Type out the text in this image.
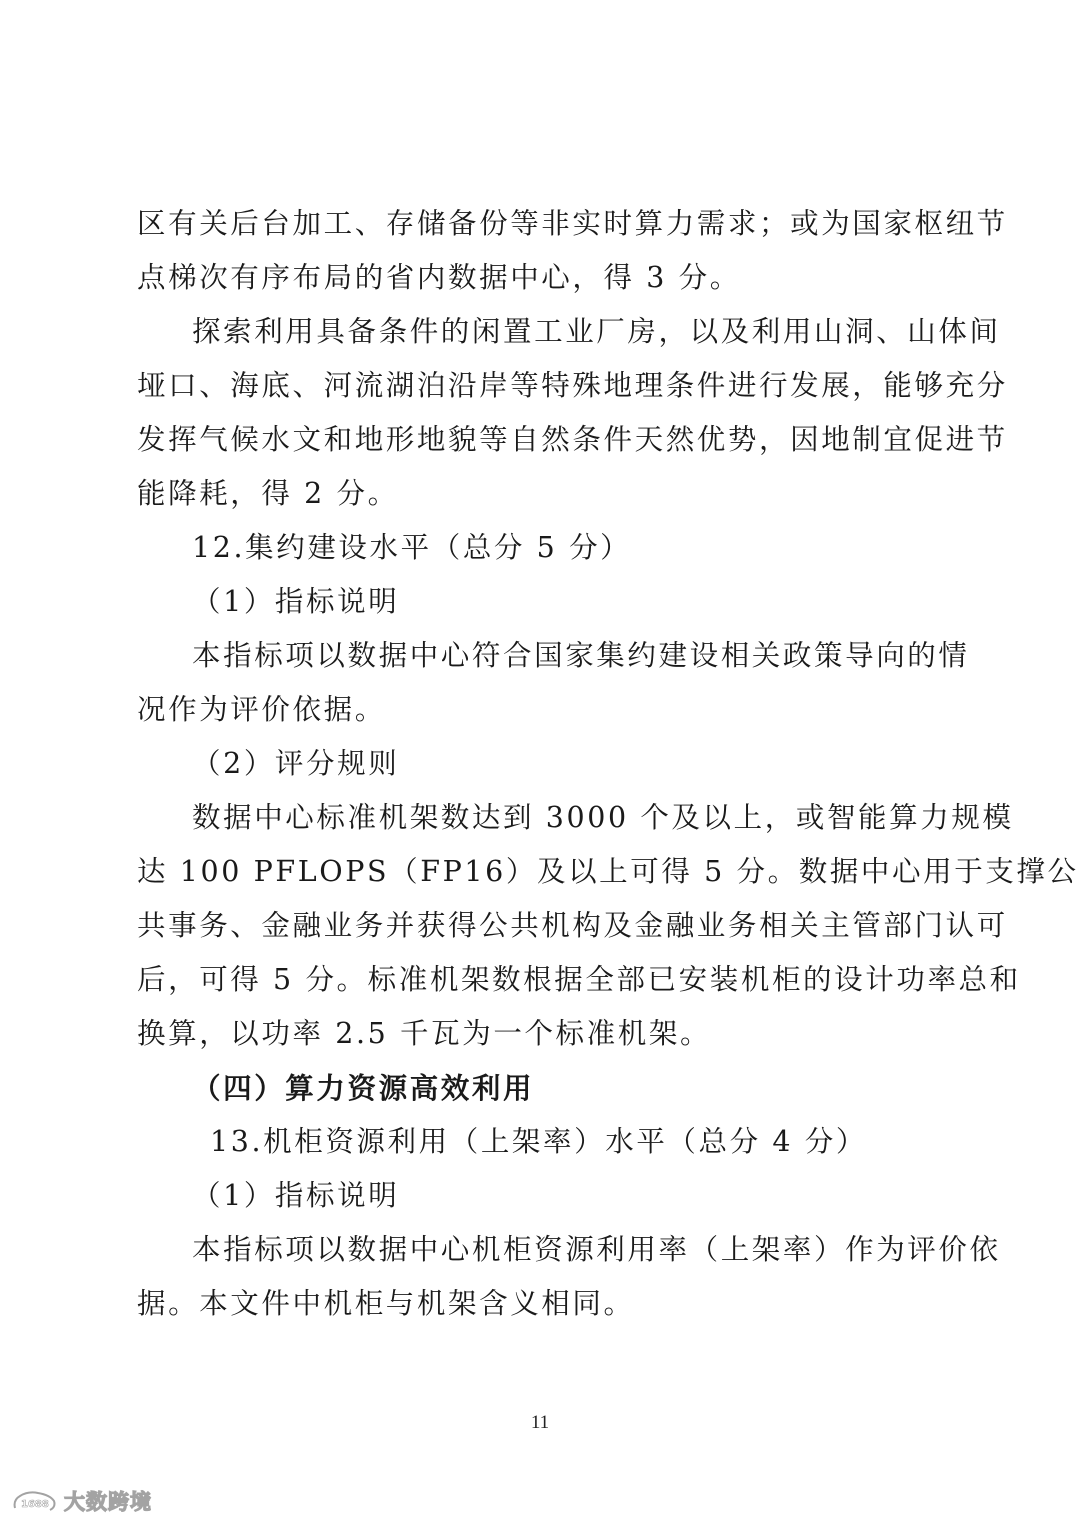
区有关后台加工、存储备份等非实时算力需求；或为国家枢纽节
点梯次有序布局的省内数据中心，得 3 分。
探索利用具备条件的闲置工业厂房，以及利用山洞、山体间
垭口、海底、河流湖泊沿岸等特殊地理条件进行发展，能够充分
发挥气候水文和地形地貌等自然条件天然优势，因地制宜促进节
能降耗，得 2 分。
12.集约建设水平（总分 5 分）
（1）指标说明
本指标项以数据中心符合国家集约建设相关政策导向的情
况作为评价依据。
（2）评分规则
数据中心标准机架数达到 3000 个及以上，或智能算力规模
达 100 PFLOPS（FP16）及以上可得 5 分。数据中心用于支撑公
共事务、金融业务并获得公共机构及金融业务相关主管部门认可
后，可得 5 分。标准机架数根据全部已安装机柜的设计功率总和
换算，以功率 2.5 千瓦为一个标准机架。
（四）算力资源高效利用
13.机柜资源利用（上架率）水平（总分 4 分）
（1）指标说明
本指标项以数据中心机柜资源利用率（上架率）作为评价依
据。本文件中机柜与机架含义相同。
11
1688 大数跨境
